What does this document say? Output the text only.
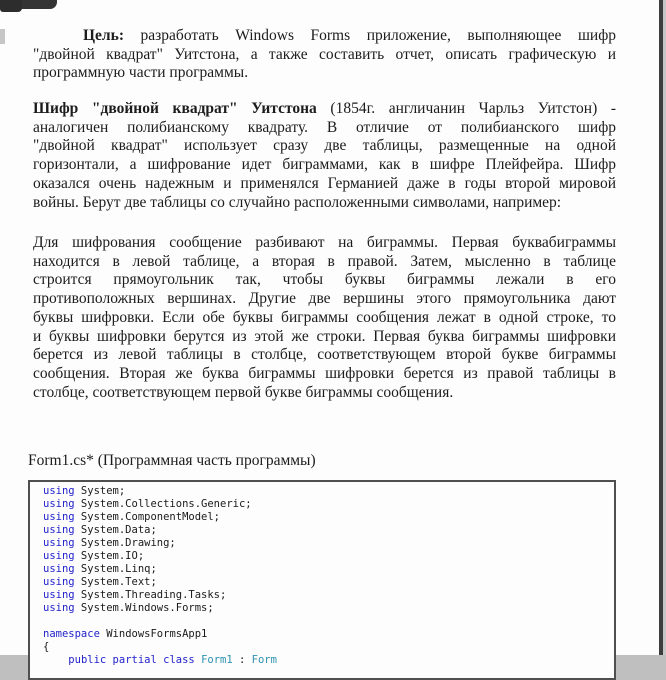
Цель: разработать Windows Forms приложение, выполняющее шифр
"двойной квадрат" Уитстона, а также составить отчет, описать графическую и
программную части программы.
Шифр "двойной квадрат" Уитстона (1854г. англичанин Чарльз Уитстон) -
аналогичен полибианскому квадрату. В отличие от полибианского шифр
"двойной квадрат" использует сразу две таблицы, размещенные на одной
горизонтали, а шифрование идет биграммами, как в шифре Плейфейра. Шифр
оказался очень надежным и применялся Германией даже в годы второй мировой
войны. Берут две таблицы со случайно расположенными символами, например:
Для шифрования сообщение разбивают на биграммы. Первая буквабиграммы
находится в левой таблице, а вторая в правой. Затем, мысленно в таблице
строится прямоугольник так, чтобы буквы биграммы лежали в его
противоположных вершинах. Другие две вершины этого прямоугольника дают
буквы шифровки. Если обе буквы биграммы сообщения лежат в одной строке, то
и буквы шифровки берутся из этой же строки. Первая буква биграммы шифровки
берется из левой таблицы в столбце, соответствующем второй букве биграммы
сообщения. Вторая же буква биграммы шифровки берется из правой таблицы в
столбце, соответствующем первой букве биграммы сообщения.
Form1.cs* (Программная часть программы)
using System;
using System.Collections.Generic;
using System.ComponentModel;
using System.Data;
using System.Drawing;
using System.IO;
using System.Linq;
using System.Text;
using System.Threading.Tasks;
using System.Windows.Forms;

namespace WindowsFormsApp1
{
public partial class Form1 : Form
